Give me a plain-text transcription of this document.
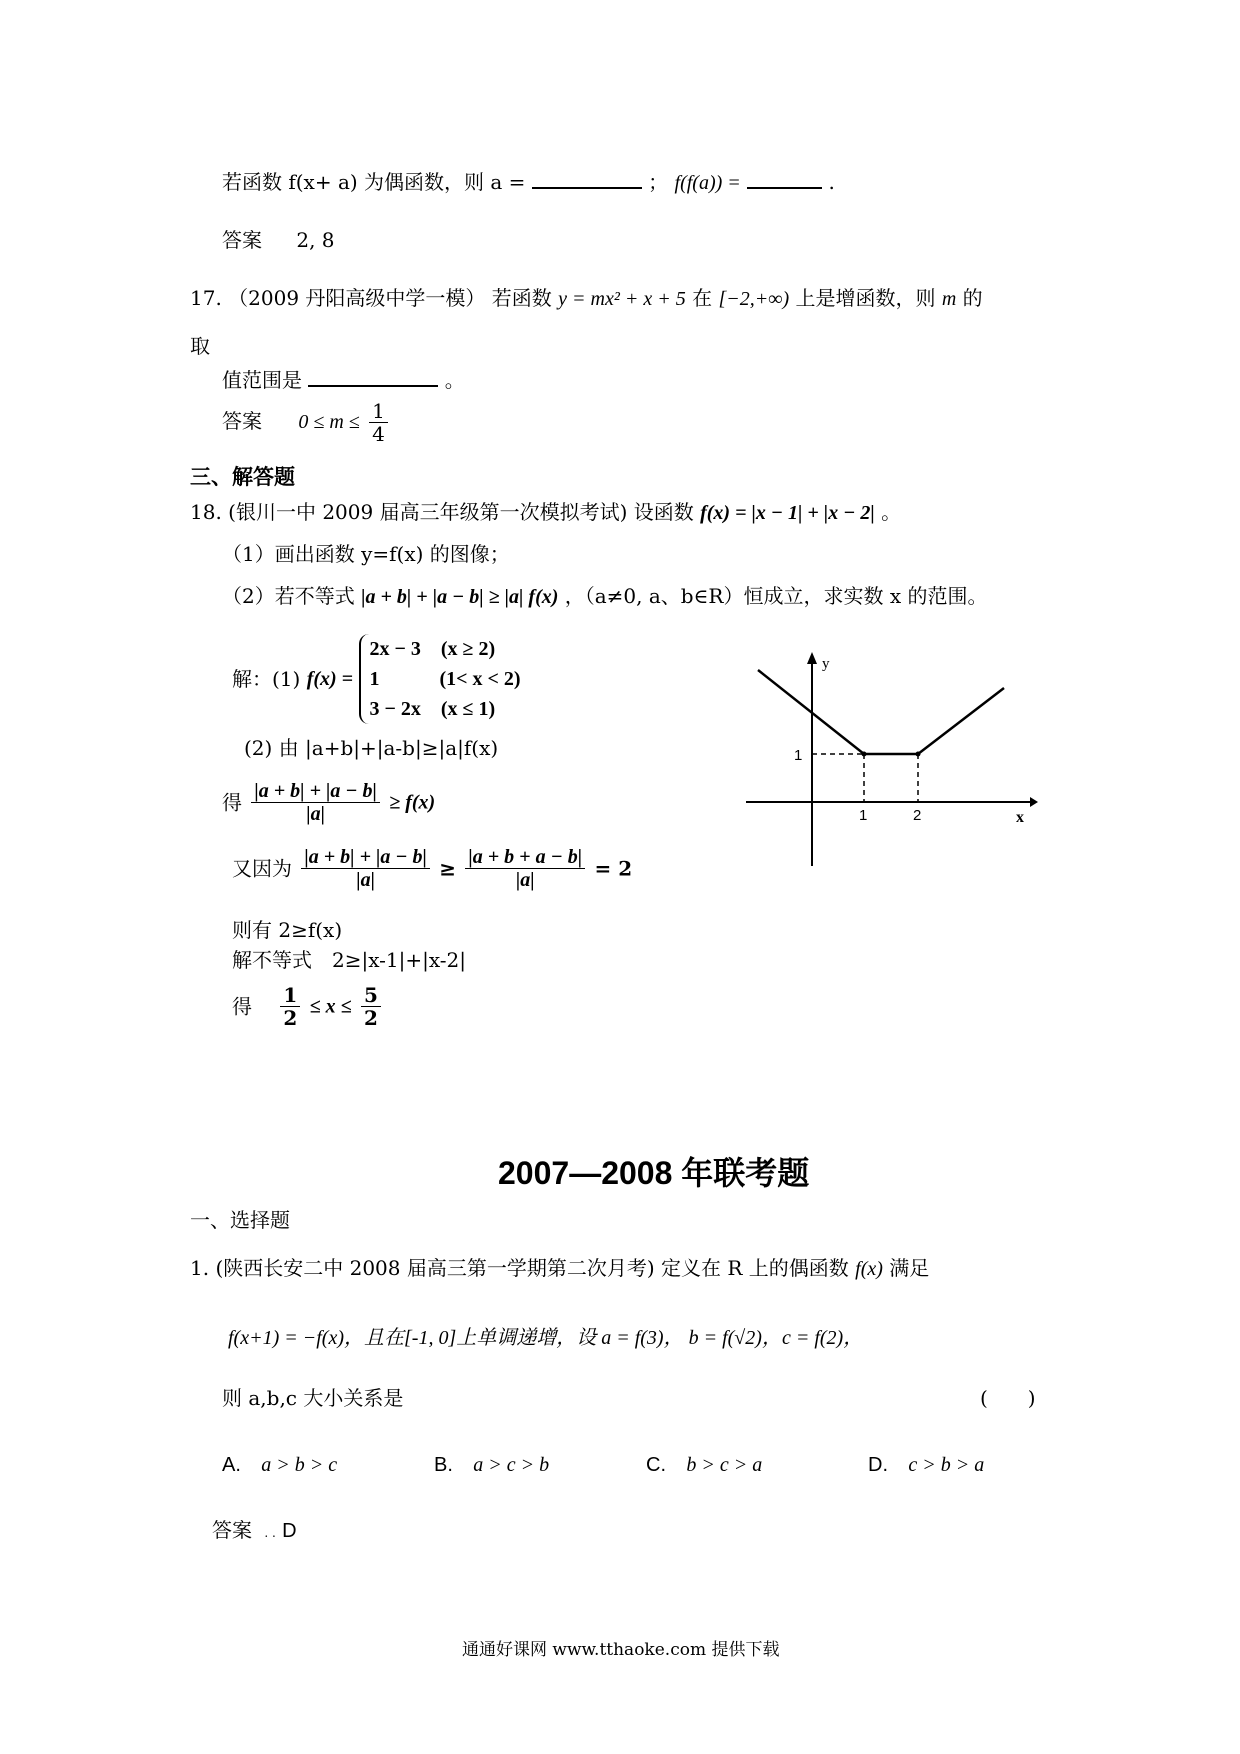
若函数 f(x+ a) 为偶函数，则 a =	； f(f(a)) =	.
答案 2, 8
17. （2009 丹阳高级中学一模） 若函数 y = mx² + x + 5 在 [−2,+∞) 上是增函数，则 m 的
取
值范围是	。
答案 $0 \le m \le \frac{1}{4}$
三、解答题
18. (银川一中 2009 届高三年级第一次模拟考试) 设函数 f(x) = |x − 1| + |x − 2| 。
（1）画出函数 y=f(x) 的图像；
（2）若不等式 |a + b| + |a − b| ≥ |a| f(x) ，（a≠0, a、b∈R）恒成立，求实数 x 的范围。
解：(1) f(x) =
2x − 3　(x ≥ 2)
1　　　(1< x < 2)
3 − 2x　(x ≤ 1)
(2) 由 |a+b|+|a-b|≥|a|f(x)
得 $\frac{|a + b| + |a - b|}{|a|} \ge f(x)$
又因为 $\frac{|a + b| + |a - b|}{|a|} \ge \frac{|a + b + a - b|}{|a|} = 2$
则有 2≥f(x)
解不等式　2≥|x-1|+|x-2|
得 $\frac{1}{2} \le x \le \frac{5}{2}$
y
x
1
1	2
2007—2008 年联考题
一、选择题
1. (陕西长安二中 2008 届高三第一学期第二次月考) 定义在 R 上的偶函数 f(x) 满足
f(x+1) = −f(x)，且在[-1, 0]上单调递增，设 a = f(3)， b = f(√2)，c = f(2)，
则 a,b,c 大小关系是	(　　)
A. a > b > c	B. a > c > b	C. b > c > a	D. c > b > a
答案 . . D
通通好课网 www.tthaoke.com 提供下载
